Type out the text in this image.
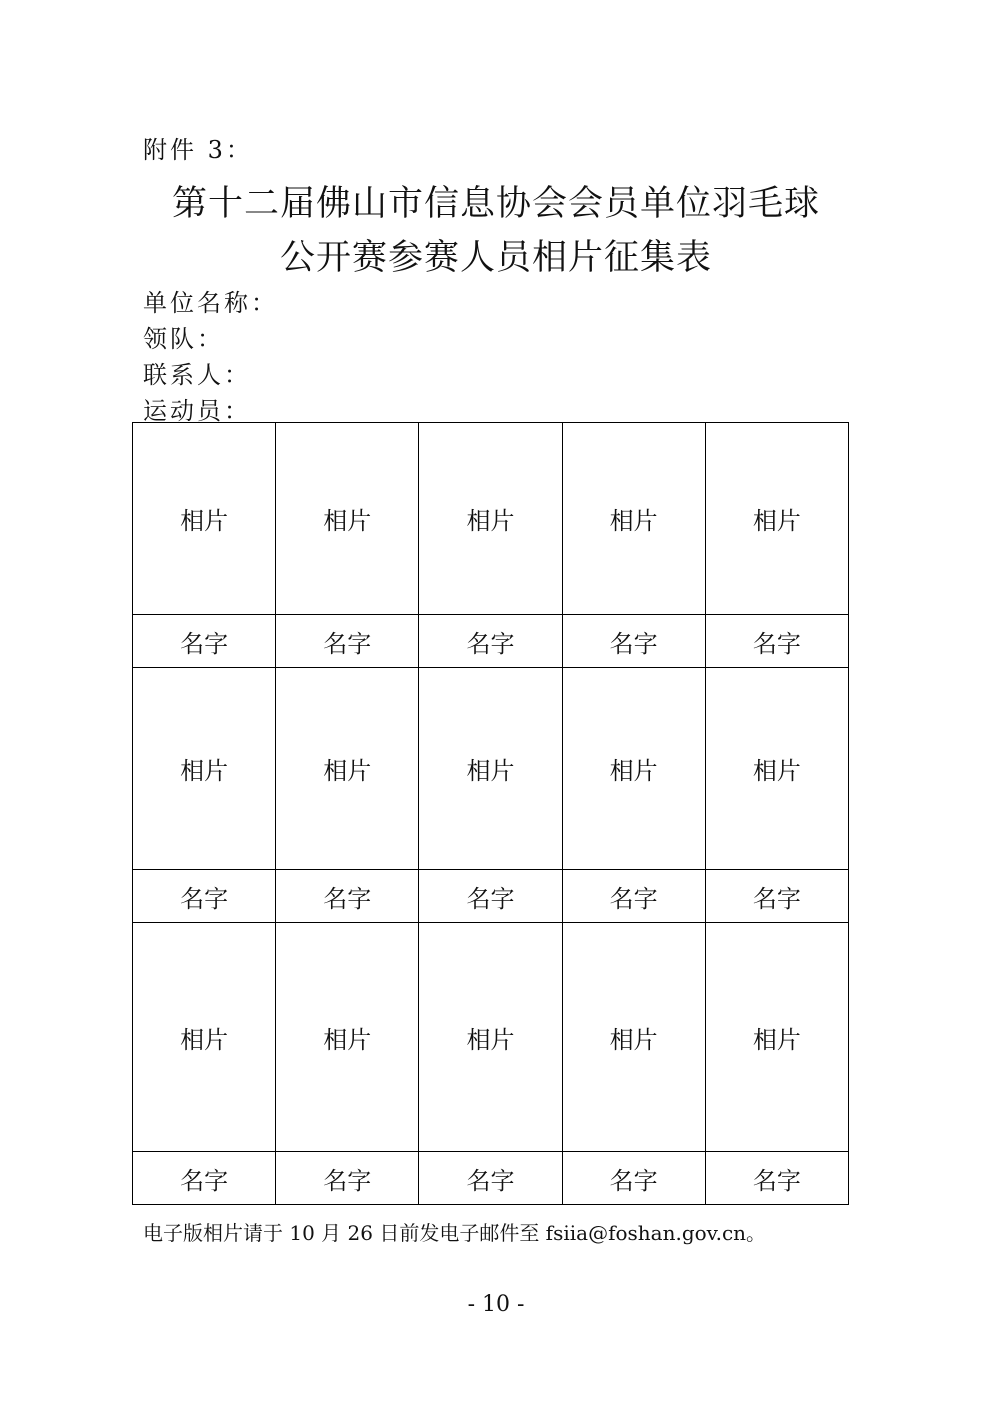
附件 3：
第十二届佛山市信息协会会员单位羽毛球
公开赛参赛人员相片征集表
单位名称：
领队：
联系人：
运动员：
相片	相片	相片	相片	相片
名字	名字	名字	名字	名字
相片	相片	相片	相片	相片
名字	名字	名字	名字	名字
相片	相片	相片	相片	相片
名字	名字	名字	名字	名字
电子版相片请于 10 月 26 日前发电子邮件至 fsiia@foshan.gov.cn。
- 10 -
